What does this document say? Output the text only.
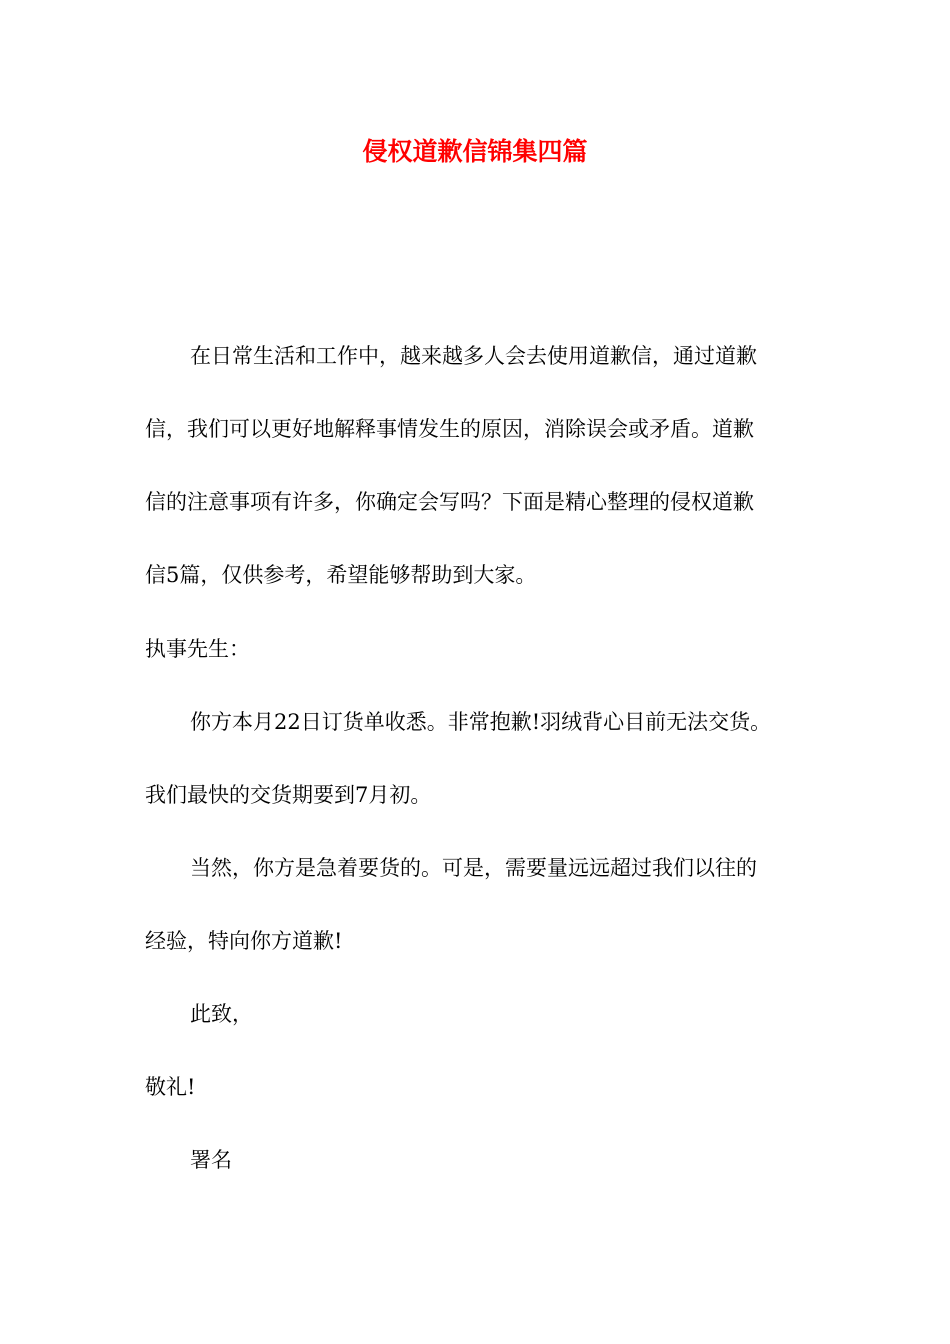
侵权道歉信锦集四篇

在日常生活和工作中，越来越多人会去使用道歉信，通过道歉

信，我们可以更好地解释事情发生的原因，消除误会或矛盾。道歉

信的注意事项有许多，你确定会写吗？下面是精心整理的侵权道歉

信5篇，仅供参考，希望能够帮助到大家。

执事先生：

你方本月22日订货单收悉。非常抱歉!羽绒背心目前无法交货。

我们最快的交货期要到7月初。

当然，你方是急着要货的。可是，需要量远远超过我们以往的

经验，特向你方道歉!

此致，

敬礼!

署名
